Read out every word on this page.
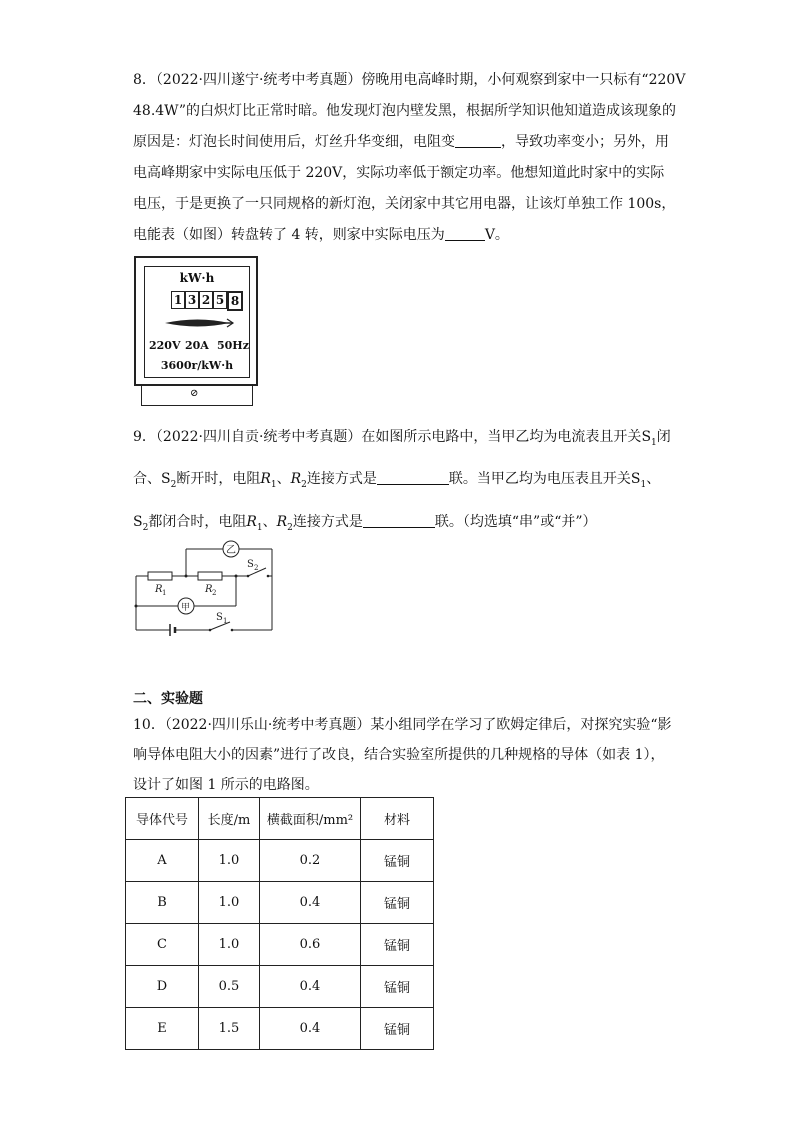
8．（2022·四川遂宁·统考中考真题）傍晚用电高峰时期，小何观察到家中一只标有“220V
48.4W”的白炽灯比正常时暗。他发现灯泡内壁发黑，根据所学知识他知道造成该现象的
原因是：灯泡长时间使用后，灯丝升华变细，电阻变	，导致功率变小；另外，用
电高峰期家中实际电压低于 220V，实际功率低于额定功率。他想知道此时家中的实际
电压，于是更换了一只同规格的新灯泡，关闭家中其它用电器，让该灯单独工作 100s，
电能表（如图）转盘转了 4 转，则家中实际电压为	V。
kW·h
1 3 2 5 8
220V 20A 50Hz
3600r/kW·h
⊘
9．（2022·四川自贡·统考中考真题）在如图所示电路中，当甲乙均为电流表且开关$S_1$闭
合、$S_2$断开时，电阻$R_1$、$R_2$连接方式是	联。当甲乙均为电压表且开关$S_1$、
$S_2$都闭合时，电阻$R_1$、$R_2$连接方式是	联。（均选填“串”或“并”）
乙
甲
R 1	R 2
S 2
S 1
二、实验题
10．（2022·四川乐山·统考中考真题）某小组同学在学习了欧姆定律后，对探究实验“影
响导体电阻大小的因素”进行了改良，结合实验室所提供的几种规格的导体（如表 1），
设计了如图 1 所示的电路图。
导体代号	长度/m	横截面积/mm²	材料
A	1.0	0.2	锰铜
B	1.0	0.4	锰铜
C	1.0	0.6	锰铜
D	0.5	0.4	锰铜
E	1.5	0.4	锰铜
